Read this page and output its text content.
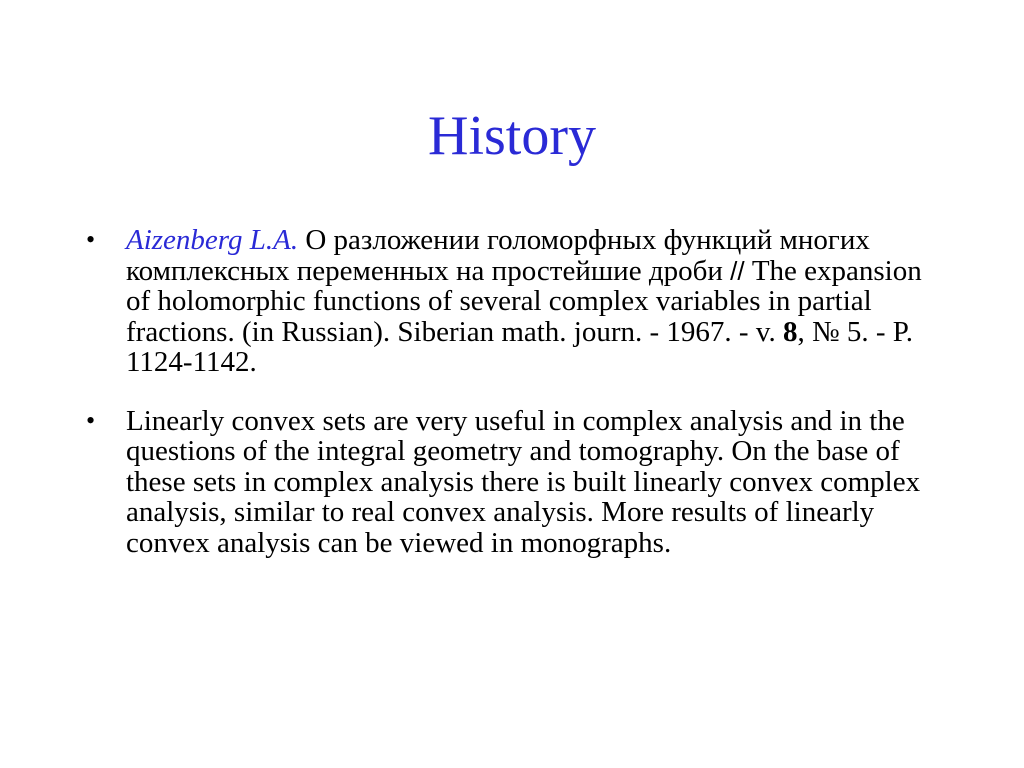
History
• Aizenberg L.A. О разложении голоморфных функций многих комплексных переменных на простейшие дроби // The expansion of holomorphic functions of several complex variables in partial fractions. (in Russian). Siberian math. journ. - 1967. - v. 8, № 5. - P. 1124-1142.
• Linearly convex sets are very useful in complex analysis and in the questions of the integral geometry and tomography. On the base of these sets in complex analysis there is built linearly convex complex analysis, similar to real convex analysis. More results of linearly convex analysis can be viewed in monographs.
